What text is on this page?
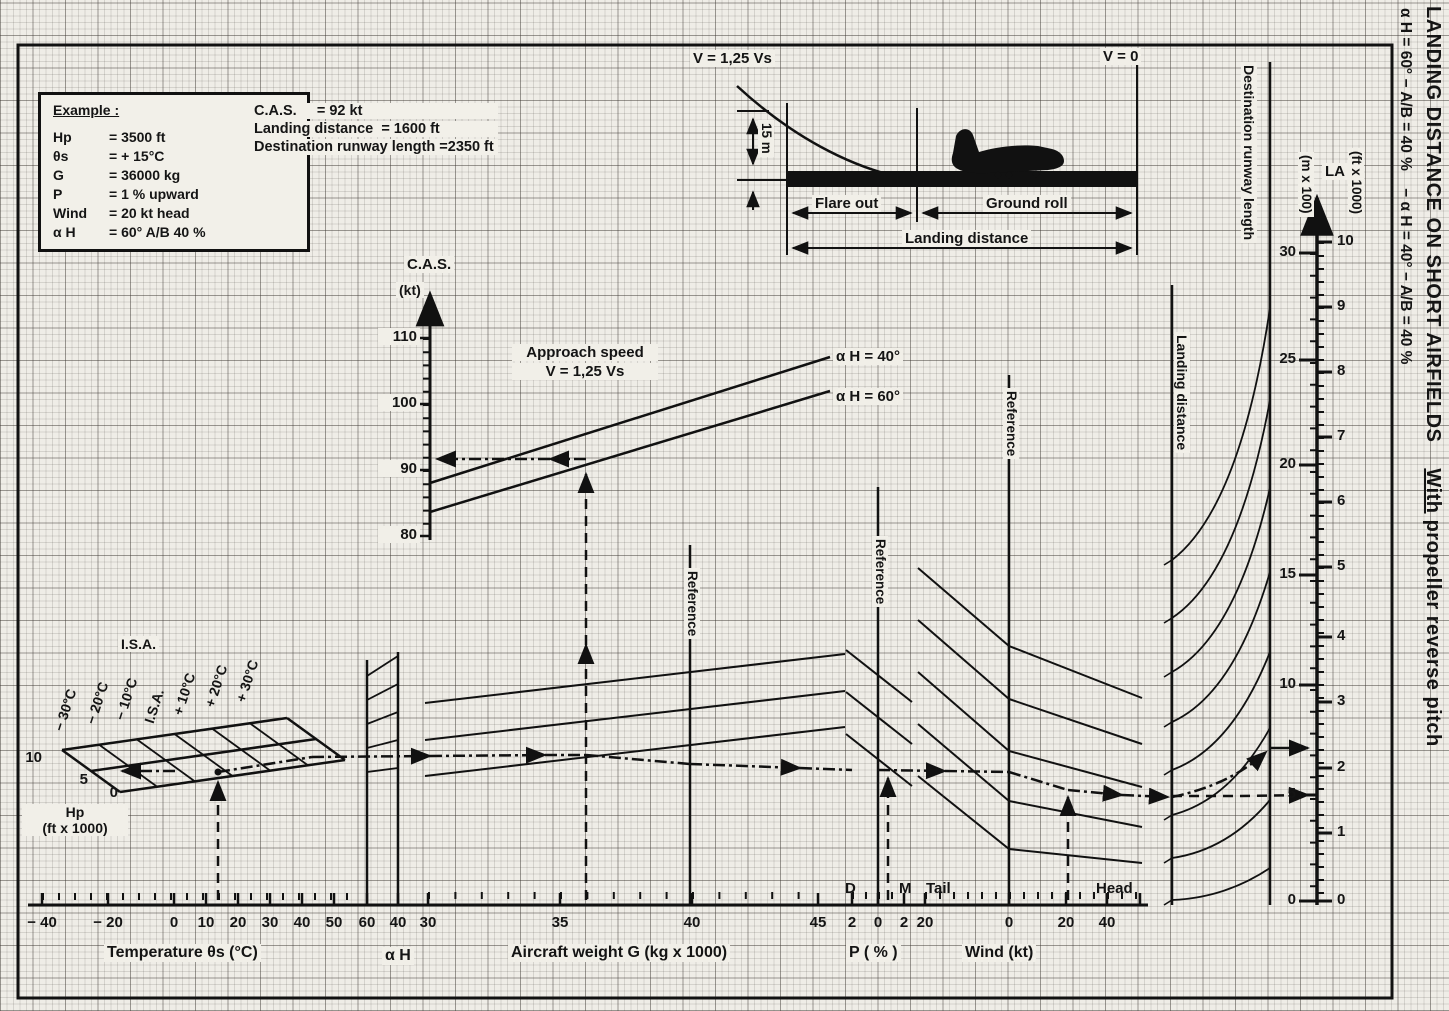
Example :
Hp	= 3500 ft
θs	= + 15°C
G	= 36000 kg
P	= 1 % upward
Wind	= 20 kt head
α H	= 60° A/B 40 %
C.A.S. = 92 kt
Landing distance = 1600 ft
Destination runway length =2350 ft
V = 1,25 Vs	V = 0
15 m
Flare out	Ground roll
Landing distance
C.A.S.
(kt)
110
100
90
80
Approach speed
V = 1,25 Vs
α H = 40°
α H = 60°
I.S.A.
− 30°C − 20°C − 10°C I.S.A. + 10°C + 20°C + 30°C
10
5
0
Hp
(ft x 1000)
− 40	− 20	0	10	20	30	40	50	60 40 30	35	40	45	2	0	2 20	0	20	40
D	M Tail	Head
Temperature θs (°C)	α H	Aircraft weight G (kg x 1000)	P ( % )	Wind (kt)
Reference	Reference
Reference	Landing distance
Destination runway length	LA (ft x 1000)
(m x 100)
10
9
8
7
6
5
4
3
2
1
0
30
25
20
15
10
5
0
LANDING DISTANCE ON SHORT AIRFIELDSWith propeller reverse pitch
α H = 60° − A/B = 40 %    − α H = 40° − A/B = 40 %
